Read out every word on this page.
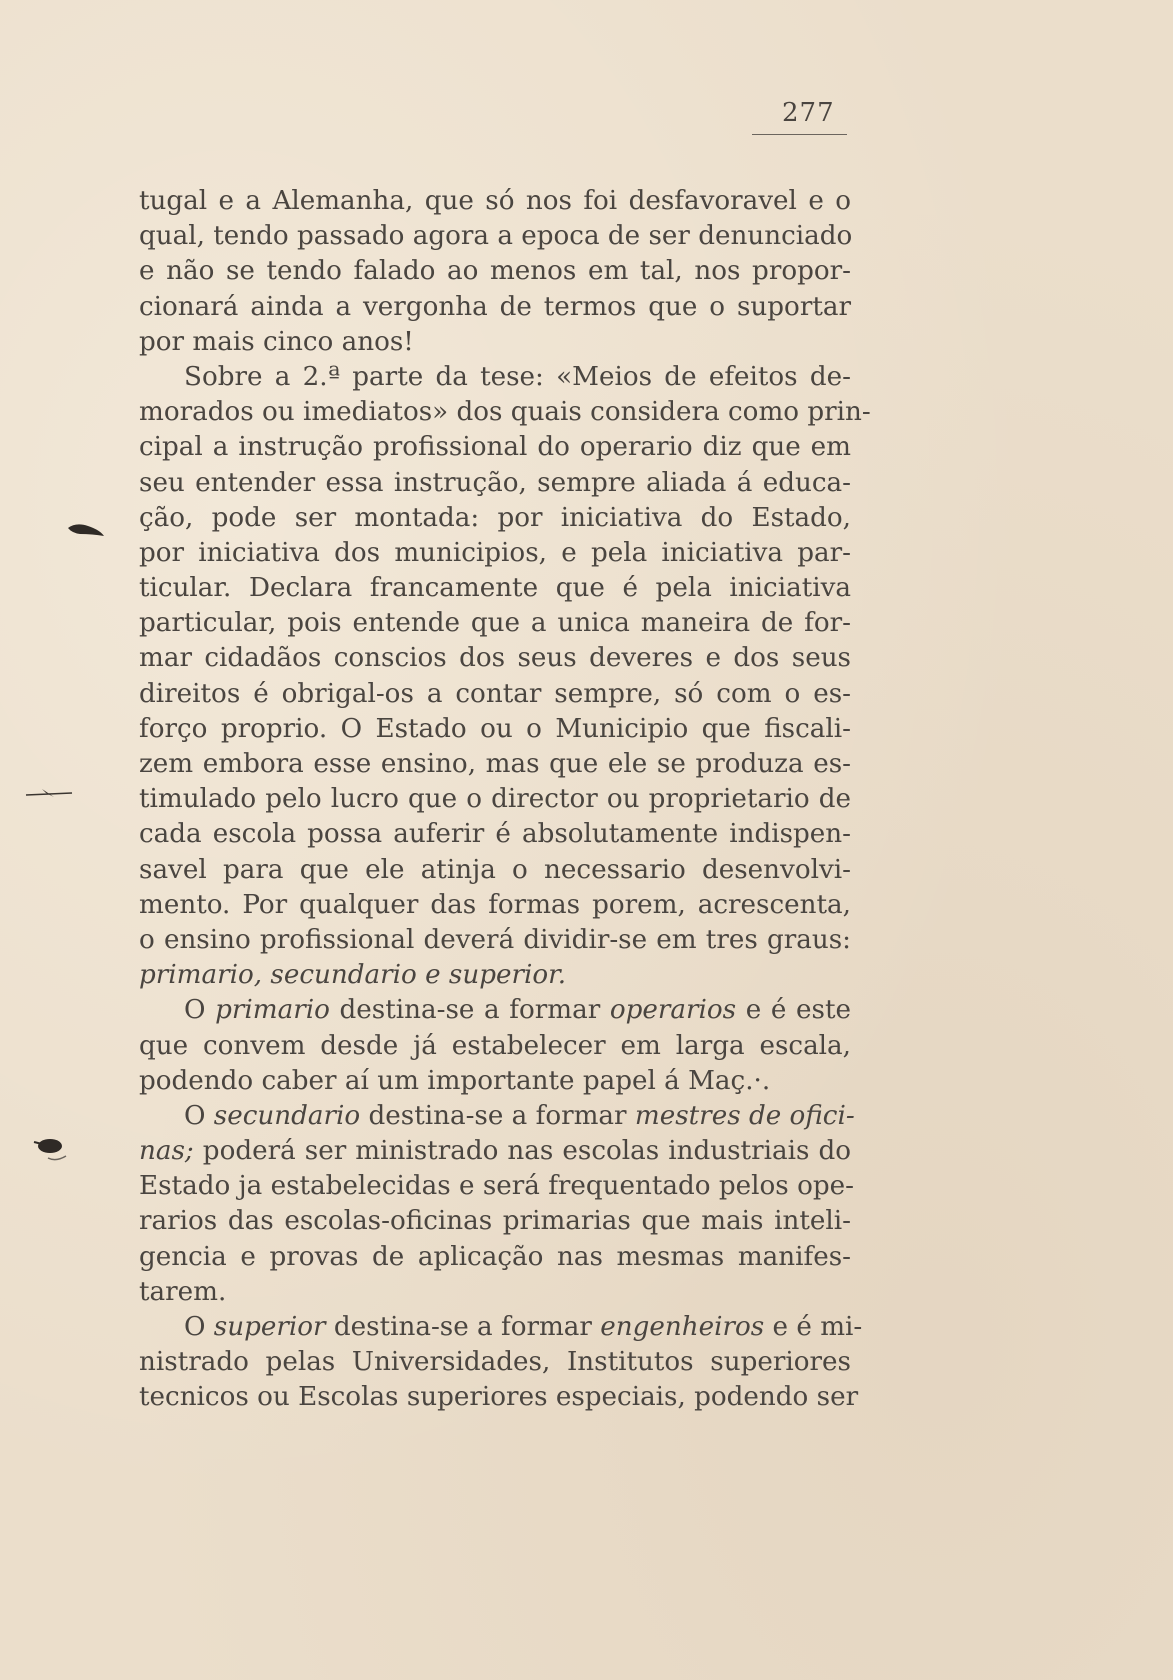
277
tugal e a Alemanha, que só nos foi desfavoravel e o
qual, tendo passado agora a epoca de ser denunciado
e não se tendo falado ao menos em tal, nos propor-
cionará ainda a vergonha de termos que o suportar
por mais cinco anos!
Sobre a 2.ª parte da tese: «Meios de efeitos de-
morados ou imediatos» dos quais considera como prin-
cipal a instrução profissional do operario diz que em
seu entender essa instrução, sempre aliada á educa-
ção, pode ser montada: por iniciativa do Estado,
por iniciativa dos municipios, e pela iniciativa par-
ticular. Declara francamente que é pela iniciativa
particular, pois entende que a unica maneira de for-
mar cidadãos conscios dos seus deveres e dos seus
direitos é obrigal-os a contar sempre, só com o es-
forço proprio. O Estado ou o Municipio que fiscali-
zem embora esse ensino, mas que ele se produza es-
timulado pelo lucro que o director ou proprietario de
cada escola possa auferir é absolutamente indispen-
savel para que ele atinja o necessario desenvolvi-
mento. Por qualquer das formas porem, acrescenta,
o ensino profissional deverá dividir-se em tres graus:
primario, secundario e superior.
O primario destina-se a formar operarios e é este
que convem desde já estabelecer em larga escala,
podendo caber aí um importante papel á Maç.·.
O secundario destina-se a formar mestres de ofici-
nas; poderá ser ministrado nas escolas industriais do
Estado ja estabelecidas e será frequentado pelos ope-
rarios das escolas-oficinas primarias que mais inteli-
gencia e provas de aplicação nas mesmas manifes-
tarem.
O superior destina-se a formar engenheiros e é mi-
nistrado pelas Universidades, Institutos superiores
tecnicos ou Escolas superiores especiais, podendo ser
